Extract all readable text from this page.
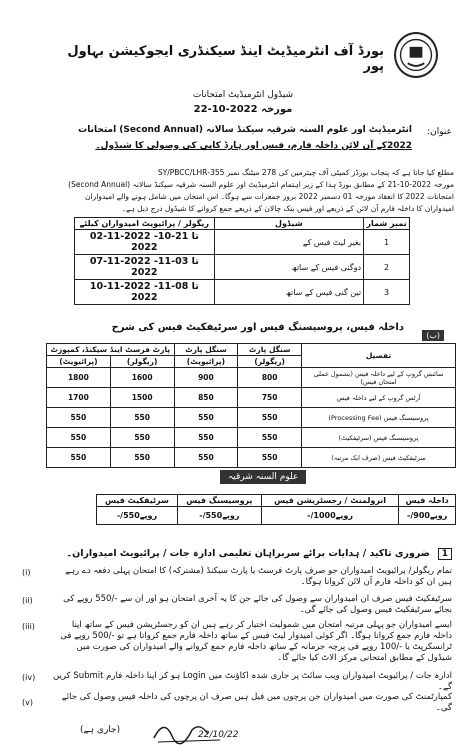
بورڈ آف انٹرمیڈیٹ اینڈ سیکنڈری ایجوکیشن بہاول پور
شیڈول انٹرمیڈیٹ امتحانات
مورخہ 2022-10-22
عنوان:
انٹرمیڈیٹ اور علوم السنہ شرقیہ سیکنڈ سالانہ (Second Annual) امتحانات
2022کے آن لائن داخلہ فارم، فیس اور ہارڈ کاپی کی وصولی کا شیڈول۔
مطلع کیا جاتا ہے کہ پنجاب بورڈز کمیٹی آف چیئرمین کی 278 میٹنگ نمبر 355-SY/PBCC/LHR
مورخہ 2022-10-21 کے مطابق بورڈ ہذا کے زیر اہتمام انٹرمیڈیٹ اور علوم السنہ شرقیہ سیکنڈ سالانہ (Second Annual)
امتحانات 2022 کا انعقاد مورخہ 01 دسمبر 2022 بروز جمعرات سے ہوگا۔ اس امتحان میں شامل ہونے والے امیدواران
امیدواران کا داخلہ فارم آن لائن کے ذریعے اور فیس بنک چالان کے ذریعے جمع کروانے کا شیڈول درج ذیل ہے۔
ریگولر / پرائیویٹ امیدواران کیلئے	شیڈول	نمبر شمار
02-11-2022 تا 21-10-2022	بغیر لیٹ فیس کے	1
07-11-2022 تا 03-11-2022	دوگنی فیس کے ساتھ	2
10-11-2022 تا 08-11-2022	تین گنی فیس کے ساتھ	3
(ب)
داخلہ فیس، پروسیسنگ فیس اور سرٹیفکیٹ فیس کی شرح
پارٹ فرسٹ اینڈ سیکنڈ، کمپوزٹ		سنگل پارٹ	سنگل پارٹ	تفصیل
(پرائیویٹ)	(ریگولر)	(پرائیویٹ)	(ریگولر)	
1800	1600	900	800	سائنس گروپ کے لیے داخلہ فیس (بشمول عملی امتحان فیس)
1700	1500	850	750	آرٹس گروپ کے لیے داخلہ فیس
550	550	550	550	پروسیسنگ فیس (Processing Fee)
550	550	550	550	پروسیسنگ فیس (سرٹیفکیٹ)
550	550	550	550	سرٹیفکیٹ فیس (صرف ایک مرتبہ)
علوم السنہ شرقیہ
سرٹیفکیٹ فیس	پروسیسنگ فیس	انرولمنٹ / رجسٹریشن فیس	داخلہ فیس
-/550روپے	-/550روپے	-/1000روپے	-/900روپے
1
ضروری تاکید / ہدایات برائے سربراہان تعلیمی ادارہ جات / پرائیویٹ امیدواران۔
(i)	تمام ریگولر/ پرائیویٹ امیدواران جو صرف پارٹ فرسٹ یا پارٹ سیکنڈ (مشترکہ) کا امتحان پہلی دفعہ دے رہے ہیں ان کو داخلہ فارم آن لائن کروانا ہوگا۔
(ii)	سرٹیفکیٹ فیس صرف ان امیدواران سے وصول کی جائے جن کا یہ آخری امتحان ہو اور ان سے -/550 روپے کی بجائے سرٹیفکیٹ فیس وصول کی جائے گی۔
(iii)	ایسے امیدواران جو پہلی مرتبہ امتحان میں شمولیت اختیار کر رہے ہیں ان کو رجسٹریشن فیس کے ساتھ اپنا داخلہ فارم جمع کروانا ہوگا۔ اگر کوئی امیدوار لیٹ فیس کے ساتھ داخلہ فارم جمع کرواتا ہے تو -/500 روپے فی ٹرانسکرپٹ یا -/100 روپے فی پرچہ جرمانہ کے ساتھ داخلہ فارم جمع کروانے والے امیدواران کی صورت میں شیڈول کے مطابق امتحانی مرکز الاٹ کیا جائے گا۔
(iv) ادارہ جات / پرائیویٹ امیدواران ویب سائٹ پر جاری شدہ اکاؤنٹ میں Login ہو کر اپنا داخلہ فارم Submit کریں گے۔
(v)
کمپارٹمنٹ کی صورت میں امیدواران جن پرچوں میں فیل ہیں صرف ان پرچوں کی داخلہ فیس وصول کی جائے گی۔
(جاری ہے)	22/10/22
